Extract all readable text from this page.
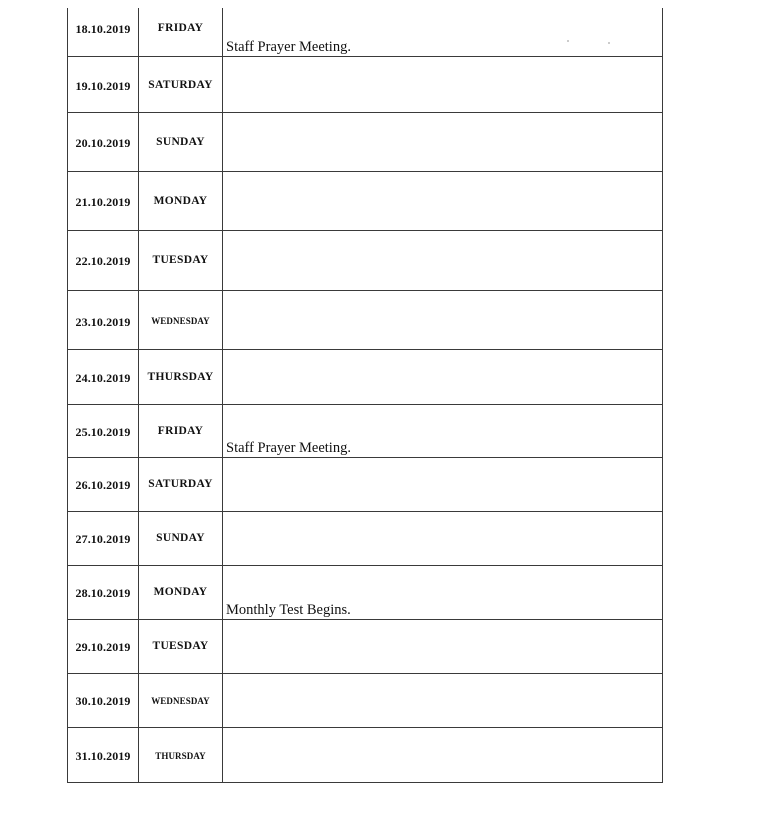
18.10.2019	FRIDAY	Staff Prayer Meeting.

19.10.2019	SATURDAY	

20.10.2019	SUNDAY	

21.10.2019	MONDAY	

22.10.2019	TUESDAY	

23.10.2019	WEDNESDAY	

24.10.2019	THURSDAY	

25.10.2019	FRIDAY	Staff Prayer Meeting.

26.10.2019	SATURDAY	

27.10.2019	SUNDAY	

28.10.2019	MONDAY	Monthly Test Begins.

29.10.2019	TUESDAY	

30.10.2019	WEDNESDAY	

31.10.2019	THURSDAY	
